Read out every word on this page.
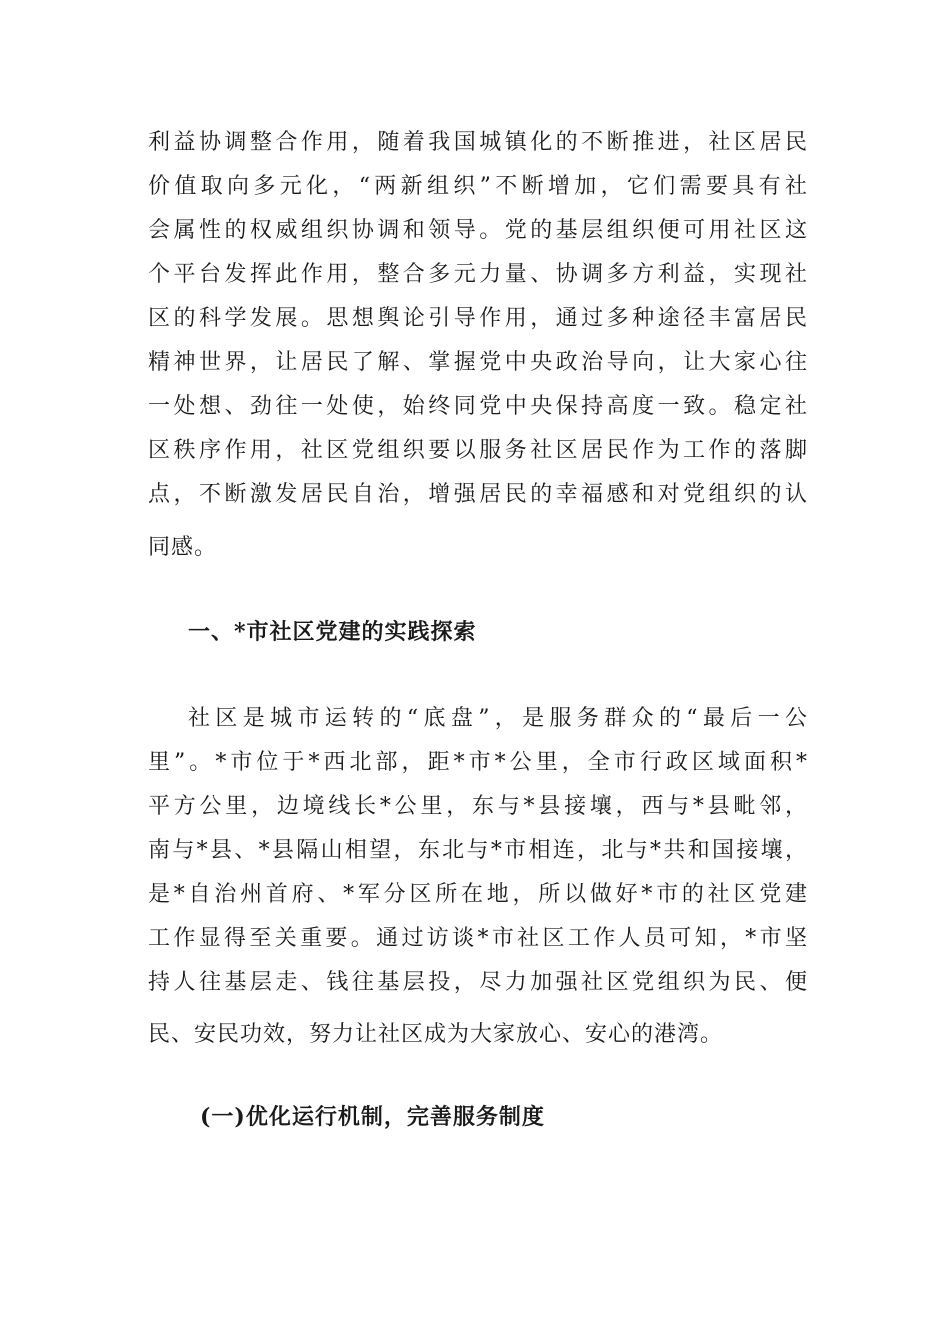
利益协调整合作用，随着我国城镇化的不断推进，社区居民
价值取向多元化，“两新组织”不断增加，它们需要具有社
会属性的权威组织协调和领导。党的基层组织便可用社区这
个平台发挥此作用，整合多元力量、协调多方利益，实现社
区的科学发展。思想舆论引导作用，通过多种途径丰富居民
精神世界，让居民了解、掌握党中央政治导向，让大家心往
一处想、劲往一处使，始终同党中央保持高度一致。稳定社
区秩序作用，社区党组织要以服务社区居民作为工作的落脚
点，不断激发居民自治，增强居民的幸福感和对党组织的认
同感。
一、*市社区党建的实践探索
社区是城市运转的“底盘”，是服务群众的“最后一公
里”。*市位于*西北部，距*市*公里，全市行政区域面积*
平方公里，边境线长*公里，东与*县接壤，西与*县毗邻，
南与*县、*县隔山相望，东北与*市相连，北与*共和国接壤，
是*自治州首府、*军分区所在地，所以做好*市的社区党建
工作显得至关重要。通过访谈*市社区工作人员可知，*市坚
持人往基层走、钱往基层投，尽力加强社区党组织为民、便
民、安民功效，努力让社区成为大家放心、安心的港湾。
(一)优化运行机制，完善服务制度
